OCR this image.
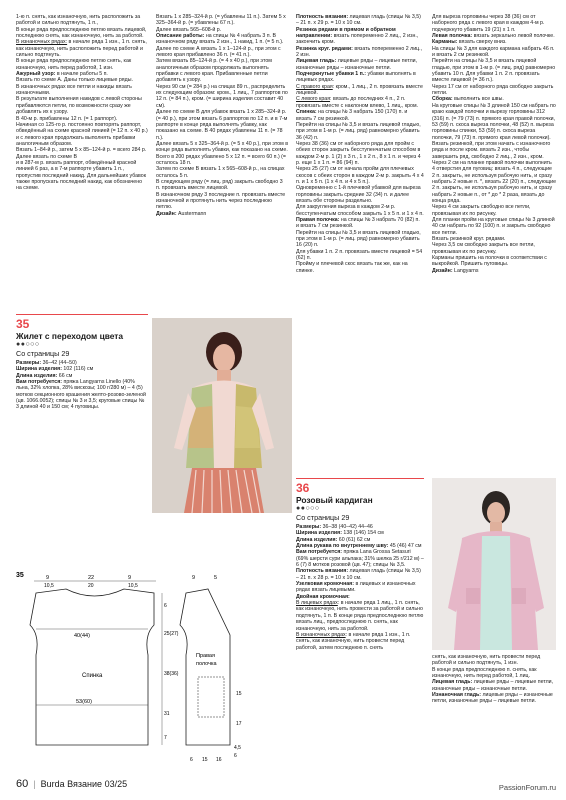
1-ю п. снять, как изнаночную, нить расположить за работой и сильно подтянуть, 1 п.,

В конце ряда предпоследнюю петлю вязать лицевой, последнюю снять, как изнаночную, нить за работой.

В изнаночных рядах: в начале ряда 1 изн., 1 п. снять, как изнаночную, нить расположить перед работой и сильно подтянуть.

В конце ряда предпоследнюю петлю снять, как изнаночную, нить перед работой, 1 изн.

Ажурный узор: в начале работы 5 п.

Вязать по схеме А. Даны только лицевые ряды.

В изнаночных рядах все петли и накиды вязать изнаночными.

В результате выполнения накидов с левой стороны прибавляются петли, по возможности сразу же добавлять их к узору.

В 40-м р. прибавлены 12 п. (= 1 раппорт).

Начиная со 125-го р. постоянно повторять раппорт, обведённый на схеме красной линией (= 12 п. x 40 р.) и с левого края продолжать выполнять прибавки аналогичным образом.

Вязать 1–84-й р., затем 5 x 85–124-й р. = всего 284 р.

Далее вязать по схеме В

и в 287-м р. вязать раппорт, обведённый красной линией 6 раз, а в 7-м раппорте убавить 1 п., пропустив последний накид. Для дальнейших убавок также пропускать последний накид, как обозначено на схеме.

Вязать 1 x 285–324-й р. (= убавлены 11 п.). Затем 5 x 325–364-й р. (= убавлены 67 п.).

Далее вязать 565–608-й р.

Описание работы: на спицы № 4 набрать 3 п. В изнаночном ряду вязать 2 изн., 1 накид, 1 п. (= 5 п.).

Далее по схеме А вязать 1 x 1–124-й р., при этом с левого края прибавлено 36 п. (= 41 п.).

Затем вязать 85–124-й р. (= 4 x 40 р.), при этом аналогичным образом продолжать выполнять прибавки с левого края. Прибавленные петли добавлять к узору.

Через 90 см (= 284 р.) на спицах 89 п., распределить их следующим образом: кром., 1 лиц., 7 раппортов по 12 п. (= 84 п.), кром. (= ширина изделия составит 40 см).

Далее по схеме В для убавок вязать 1 x 285–324-й р. (= 40 р.), при этом вязать 6 раппортов по 12 п. и в 7-м раппорте в конце ряда выполнять убавку, как показано на схеме. В 40 рядах убавлены 11 п. (= 78 п.).

Далее вязать 5 x 325–364-й р. (= 5 x 40 р.), при этом в конце ряда выполнять убавки, как показано на схеме. Всего в 200 рядах убавлено 5 x 12 п. = всего 60 п.) (= осталось 18 п.

Затем по схеме В вязать 1 x 565–608-й р., на спицах осталось 5 п.

В следующем ряду (= лиц. ряд) закрыть свободно 3 п. провязать вместе лицевой.

В изнаночном ряду 3 последние п. провязать вместе изнаночной и протянуть нить через последнюю петлю.

Дизайн: Austermann

Плотность вязания: лицевая гладь (спицы № 3,5) – 21 п. x 29 р. = 10 x 10 см.

Резинка рядами в прямом и обратном направлении: вязать попеременно 2 лиц., 2 изн., закончить кром.

Резинка круг. рядами: вязать попеременно 2 лиц., 2 изн.

Лицевая гладь: лицевые ряды – лицевые петли, изнаночные ряды – изнаночные петли.

Подчеркнутые убавки 1 п.: убавки выполнять в лицевых рядах.

С правого края: кром., 1 лиц., 2 п. провязать вместе лицевой.

С левого края: вязать до последних 4 п., 2 п. провязать вместе с наклоном влево, 1 лиц., кром.

Спинка: на спицы № 3 набрать 150 (170) п. и вязать 7 см резинкой.

Перейти на спицы № 3,5 и вязать лицевой гладью, при этом в 1-м р. (= лиц. ряд) равномерно убавить 36 (42) п.

Через 38 (36) см от наборного ряда для пройм с обеих сторон закрыть бесступенчатым способом в каждом 2-м р. 1 (2) x 3 п., 1 x 2 п., 8 x 1 п. и через 4 р. еще 1 x 1 п. = 86 (94) п.

Через 25 (27) см от начала пройм для плечевых скосов с обеих сторон в каждом 2-м р. закрыть 4 x 4 п. и 1 x 5 п. (1 x 4 п. и 4 x 5 п.).

Одновременно с 1-й плечевой убавкой для выреза горловины закрыть средние 32 (34) п. и далее вязать обе стороны раздельно.

Для закругления выреза в каждом 2-м р. бесступенчатым способом закрыть 1 x 5 п. и 1 x 4 п.

Правая полочка: на спицы № 3 набрать 70 (82) п. и вязать 7 см резинкой.

Перейти на спицы № 3,5 и вязать лицевой гладью, при этом в 1-м р. (= лиц. ряд) равномерно убавить 16 (20) п.

Для убавки 1 п. 2 п. провязать вместе лицевой = 54 (62) п.

Пройму и плечевой скос вязать так же, как на спинке.

Для выреза горловины через 38 (36) см от наборного ряда с левого края в каждом 4-м р. подчеркнуто убавить 19 (21) x 1 п.

Левая полочка: вязать зеркально левой полочке.

Карманы: вязать сверху вниз.

На спицы № 3 для каждого кармана набрать 46 п. и вязать 2 см резинкой.

Перейти на спицы № 3,5 и вязать лицевой гладью, при этом в 1-м р. (= лиц. ряд) равномерно убавить 10 п. Для убавки 1 п. 2 п. провязать вместе лицевой (= 36 п.).

Через 17 см от наборного ряда свободно закрыть петли.

Сборка: выполнить все швы.

На круговые спицы № 3 длиной 150 см набрать по краю каждой полочки и вырезу горловины 312 (316) п. (= 79 (73) п. прямого края правой полочки, 53 (59) п. скоса выреза полочки, 48 (52) п. выреза горловины спинки, 53 (59) п. скоса выреза полочки, 79 (73) п. прямого края левой полочки).

Вязать резинкой, при этом начать с изнаночного ряда и после кром. вязать 2 изн., чтобы завершить ряд, свободно 2 лиц., 2 изн., кром.

Через 2 см на планке правой полочки выполнить 4 отверстия для пуговиц: вязать 4 п., следующие 2 п. закрыть, не используя рабочую нить, и сразу набрать 2 новые п. *, вязать 22 (20) п., следующие 2 п. закрыть, не используя рабочую нить, и сразу набрать 2 новые п., от * до * 2 раза, вязать до конца ряда.

Через 4 см закрыть свободно все петли, провязывая их по рисунку.

Для планки пройм на круговые спицы № 3 длиной 40 см набрать по 92 (100) п. и закрыть свободно все петли.

Вязать резинкой круг. рядами.

Через 3,5 см свободно закрыть все петли, провязывая их по рисунку.

Карманы пришить на полочки в соответствии с выкройкой. Пришить пуговицы.

Дизайн: Langyarns

35
Жилет с переходом цвета
●●○○○
Со страницы 29

Размеры: 36–42 (44–50)

Ширина изделия: 102 (116) см

Длина изделия: 66 см

Вам потребуется: пряжа Langyarns Linello (40% льна, 32% хлопка, 28% вискозы; 100 г/280 м) – 4 (5) мотков секционного крашения желто-розово-зеленой (цв. 1066.0052); спицы № 3 и 3,5; круговые спицы № 3 длиной 40 и 150 см; 4 пуговицы.

35	9	22	9
10,5	20	10,5
40(44)
Спинка
53(60)
6
25(27)
38(36)
31
7
9	5
Правая
полочка
17
15
4,5
6
6 15 16
36
Розовый кардиган
●●○○○
Со страницы 29

Размеры: 36–38 (40–42) 44–46

Ширина изделия: 138 (146) 154 см

Длина изделия: 60 (61) 62 см

Длина рукава по внутреннему шву: 45 (46) 47 см

Вам потребуется: пряжа Lana Grossa Setasuri (69% шерсти сури альпака; 31% шелка 25 г/212 м) – 6 (7) 8 мотков розовой (цв. 47); спицы № 3,5.

Плотность вязания: лицевая гладь (спицы № 3,5) – 21 п. x 28 р. = 10 x 10 см.

Узелковая кромочная: в лицевых и изнаночных рядах вязать лицевыми.

Двойная кромочная:

В лицевых рядах: в начале ряда 1 лиц., 1 п. снять, как изнаночную, нить провести за работой и сильно подтянуть, 1 п. В конце ряда предпоследнюю петлю вязать лиц., предпоследнюю п. снять, как изнаночную, нить за работой.

В изнаночных рядах: в начале ряда 1 изн., 1 п. снять, как изнаночную, нить провести перед работой, затем последнюю п. снять

снять, как изнаночную, нить провести перед работой и сильно подтянуть, 1 изн.

В конце ряда предпоследнюю п. снять, как изнаночную, нить перед работой, 1 лиц.

Лицевая гладь: лицевые ряды – лицевые петли, изнаночные ряды – изнаночные петли.

Изнаночная гладь: лицевые ряды – изнаночные петли, изнаночные ряды – лицевые петли.

60  |  Burda Вязание 03/25	PassionForum.ru
